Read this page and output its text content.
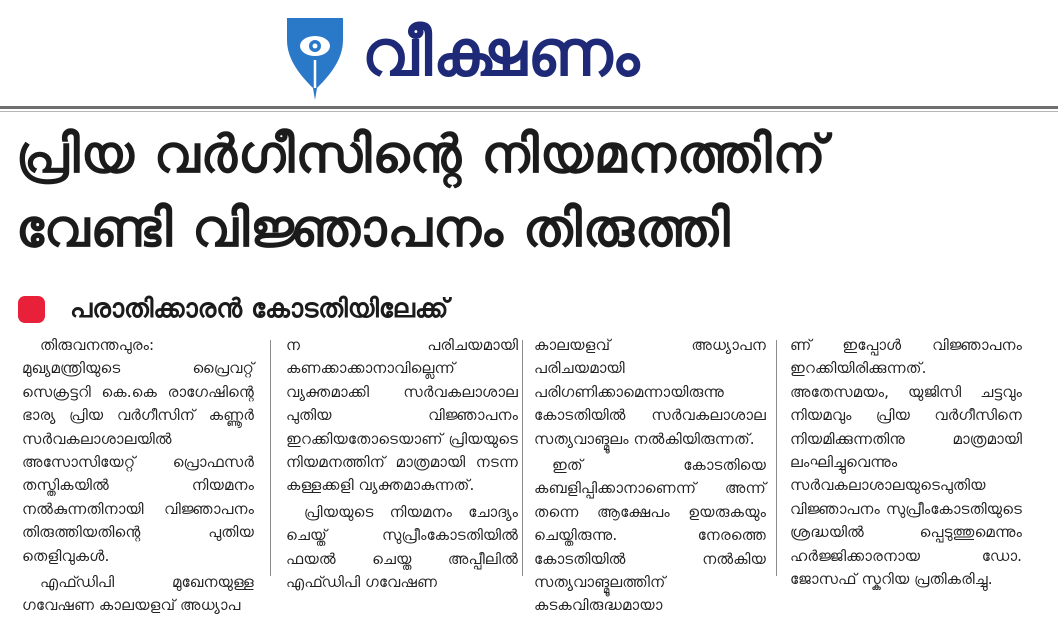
വീക്ഷണം
പ്രിയ വർഗീസിന്റെ നിയമനത്തിന്
വേണ്ടി വിജ്ഞാപനം തിരുത്തി
പരാതിക്കാരൻ കോടതിയിലേക്ക്

തിരുവനന്തപുരം: മുഖ്യമന്ത്രിയുടെ പ്രൈവറ്റ് സെക്രട്ടറി കെ.കെ രാഗേഷിന്റെ ഭാര്യ പ്രിയ വർഗീസിന് കണ്ണൂർ സർവകലാശാലയിൽ അസോസിയേറ്റ് പ്രൊഫസർ തസ്തികയിൽ നിയമനം നൽകുന്നതിനായി വിജ്ഞാപനം തിരുത്തിയതിന്റെ പുതിയ തെളിവുകൾ.

എഫ്ഡിപി മുഖേനയുള്ള ഗവേഷണ കാലയളവ് അധ്യാപ

ന പരിചയമായി കണക്കാക്കാനാവില്ലെന്ന് വ്യക്തമാക്കി സർവകലാശാല പുതിയ വിജ്ഞാപനം ഇറക്കിയതോടെയാണ് പ്രിയയുടെ നിയമനത്തിന് മാത്രമായി നടന്ന കള്ളക്കളി വ്യക്തമാകുന്നത്.

പ്രിയയുടെ നിയമനം ചോദ്യം ചെയ്ത് സുപ്രീംകോടതിയിൽ ഫയൽ ചെയ്ത അപ്പീലിൽ എഫ്ഡിപി ഗവേഷണ

കാലയളവ് അധ്യാപന പരിചയമായി പരിഗണിക്കാമെന്നായിരുന്നു കോടതിയിൽ സർവകലാശാല സത്യവാങ്മൂലം നൽകിയിരുന്നത്.

ഇത് കോടതിയെ കബളിപ്പിക്കാനാണെന്ന് അന്ന് തന്നെ ആക്ഷേപം ഉയരുകയും ചെയ്തിരുന്നു. നേരത്തെ കോടതിയിൽ നൽകിയ സത്യവാങ്മൂലത്തിന് കടകവിരുദ്ധമായാ

ണ് ഇപ്പോൾ വിജ്ഞാപനം ഇറക്കിയിരിക്കുന്നത്. അതേസമയം, യുജിസി ചട്ടവും നിയമവും പ്രിയ വർഗീസിനെ നിയമിക്കുന്നതിനു മാത്രമായി ലംഘിച്ചുവെന്നും സർവകലാശാലയുടെപുതിയ വിജ്ഞാപനം സുപ്രീംകോടതിയുടെ ശ്രദ്ധയിൽ പ്പെടുത്തുമെന്നും ഹർജ്ജിക്കാരനായ ഡോ. ജോസഫ് സ്കറിയ പ്രതികരിച്ചു.
